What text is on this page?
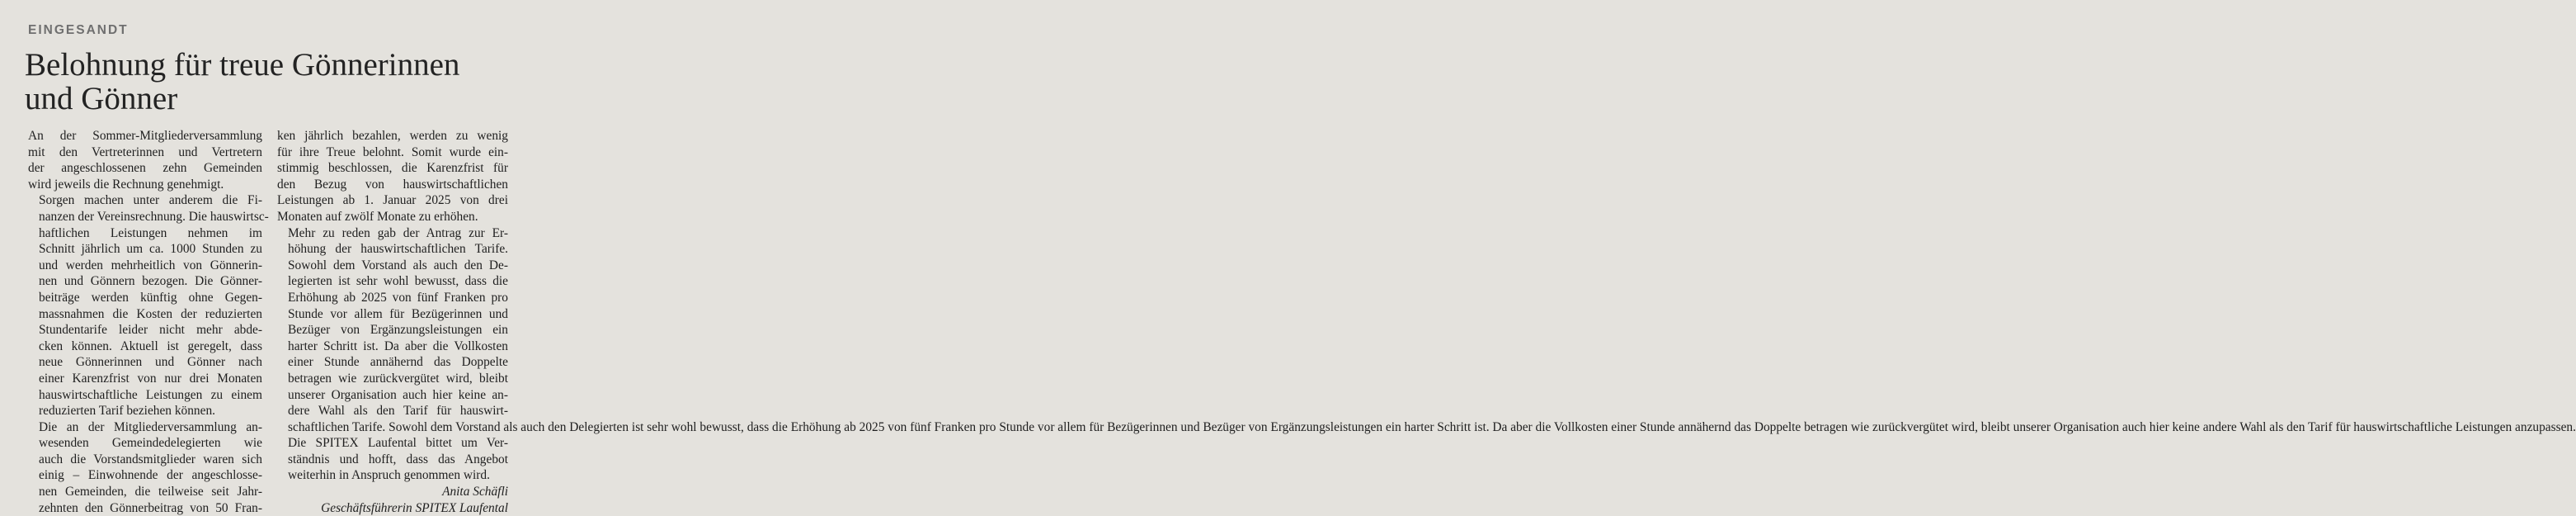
EINGESANDT
Belohnung für treue Gönnerinnen und Gönner

An der Sommer-Mitgliederversammlung
mit den Vertreterinnen und Vertretern
der angeschlossenen zehn Gemeinden
wird jeweils die Rechnung genehmigt.

Sorgen machen unter anderem die Fi-
nanzen der Vereinsrechnung. Die hauswirtsc-
haftlichen Leistungen nehmen im
Schnitt jährlich um ca. 1000 Stunden zu
und werden mehrheitlich von Gönnerin-
nen und Gönnern bezogen. Die Gönner-
beiträge werden künftig ohne Gegen-
massnahmen die Kosten der reduzierten
Stundentarife leider nicht mehr abde-
cken können. Aktuell ist geregelt, dass
neue Gönnerinnen und Gönner nach
einer Karenzfrist von nur drei Monaten
hauswirtschaftliche Leistungen zu einem
reduzierten Tarif beziehen können.

Die an der Mitgliederversammlung an-
wesenden Gemeindedelegierten wie
auch die Vorstandsmitglieder waren sich
einig – Einwohnende der angeschlosse-
nen Gemeinden, die teilweise seit Jahr-
zehnten den Gönnerbeitrag von 50 Fran-

ken jährlich bezahlen, werden zu wenig
für ihre Treue belohnt. Somit wurde ein-
stimmig beschlossen, die Karenzfrist für
den Bezug von hauswirtschaftlichen
Leistungen ab 1. Januar 2025 von drei
Monaten auf zwölf Monate zu erhöhen.

Mehr zu reden gab der Antrag zur Er-
höhung der hauswirtschaftlichen Tarife.
Sowohl dem Vorstand als auch den De-
legierten ist sehr wohl bewusst, dass die
Erhöhung ab 2025 von fünf Franken pro
Stunde vor allem für Bezügerinnen und
Bezüger von Ergänzungsleistungen ein
harter Schritt ist. Da aber die Vollkosten
einer Stunde annähernd das Doppelte
betragen wie zurückvergütet wird, bleibt
unserer Organisation auch hier keine an-
dere Wahl als den Tarif für hauswirt-
schaftlichen Tarife. Sowohl dem Vorstand als auch den Delegierten ist sehr wohl bewusst, dass die Erhöhung ab 2025 von fünf Franken pro Stunde vor allem für Bezügerinnen und Bezüger von Ergänzungsleistungen ein harter Schritt ist. Da aber die Vollkosten einer Stunde annähernd das Doppelte betragen wie zurückvergütet wird, bleibt unserer Organisation auch hier keine andere Wahl als den Tarif für hauswirtschaftliche Leistungen anzupassen.

Die SPITEX Laufental bittet um Ver-
ständnis und hofft, dass das Angebot
weiterhin in Anspruch genommen wird.

Anita Schäfli

Geschäftsführerin SPITEX Laufental
